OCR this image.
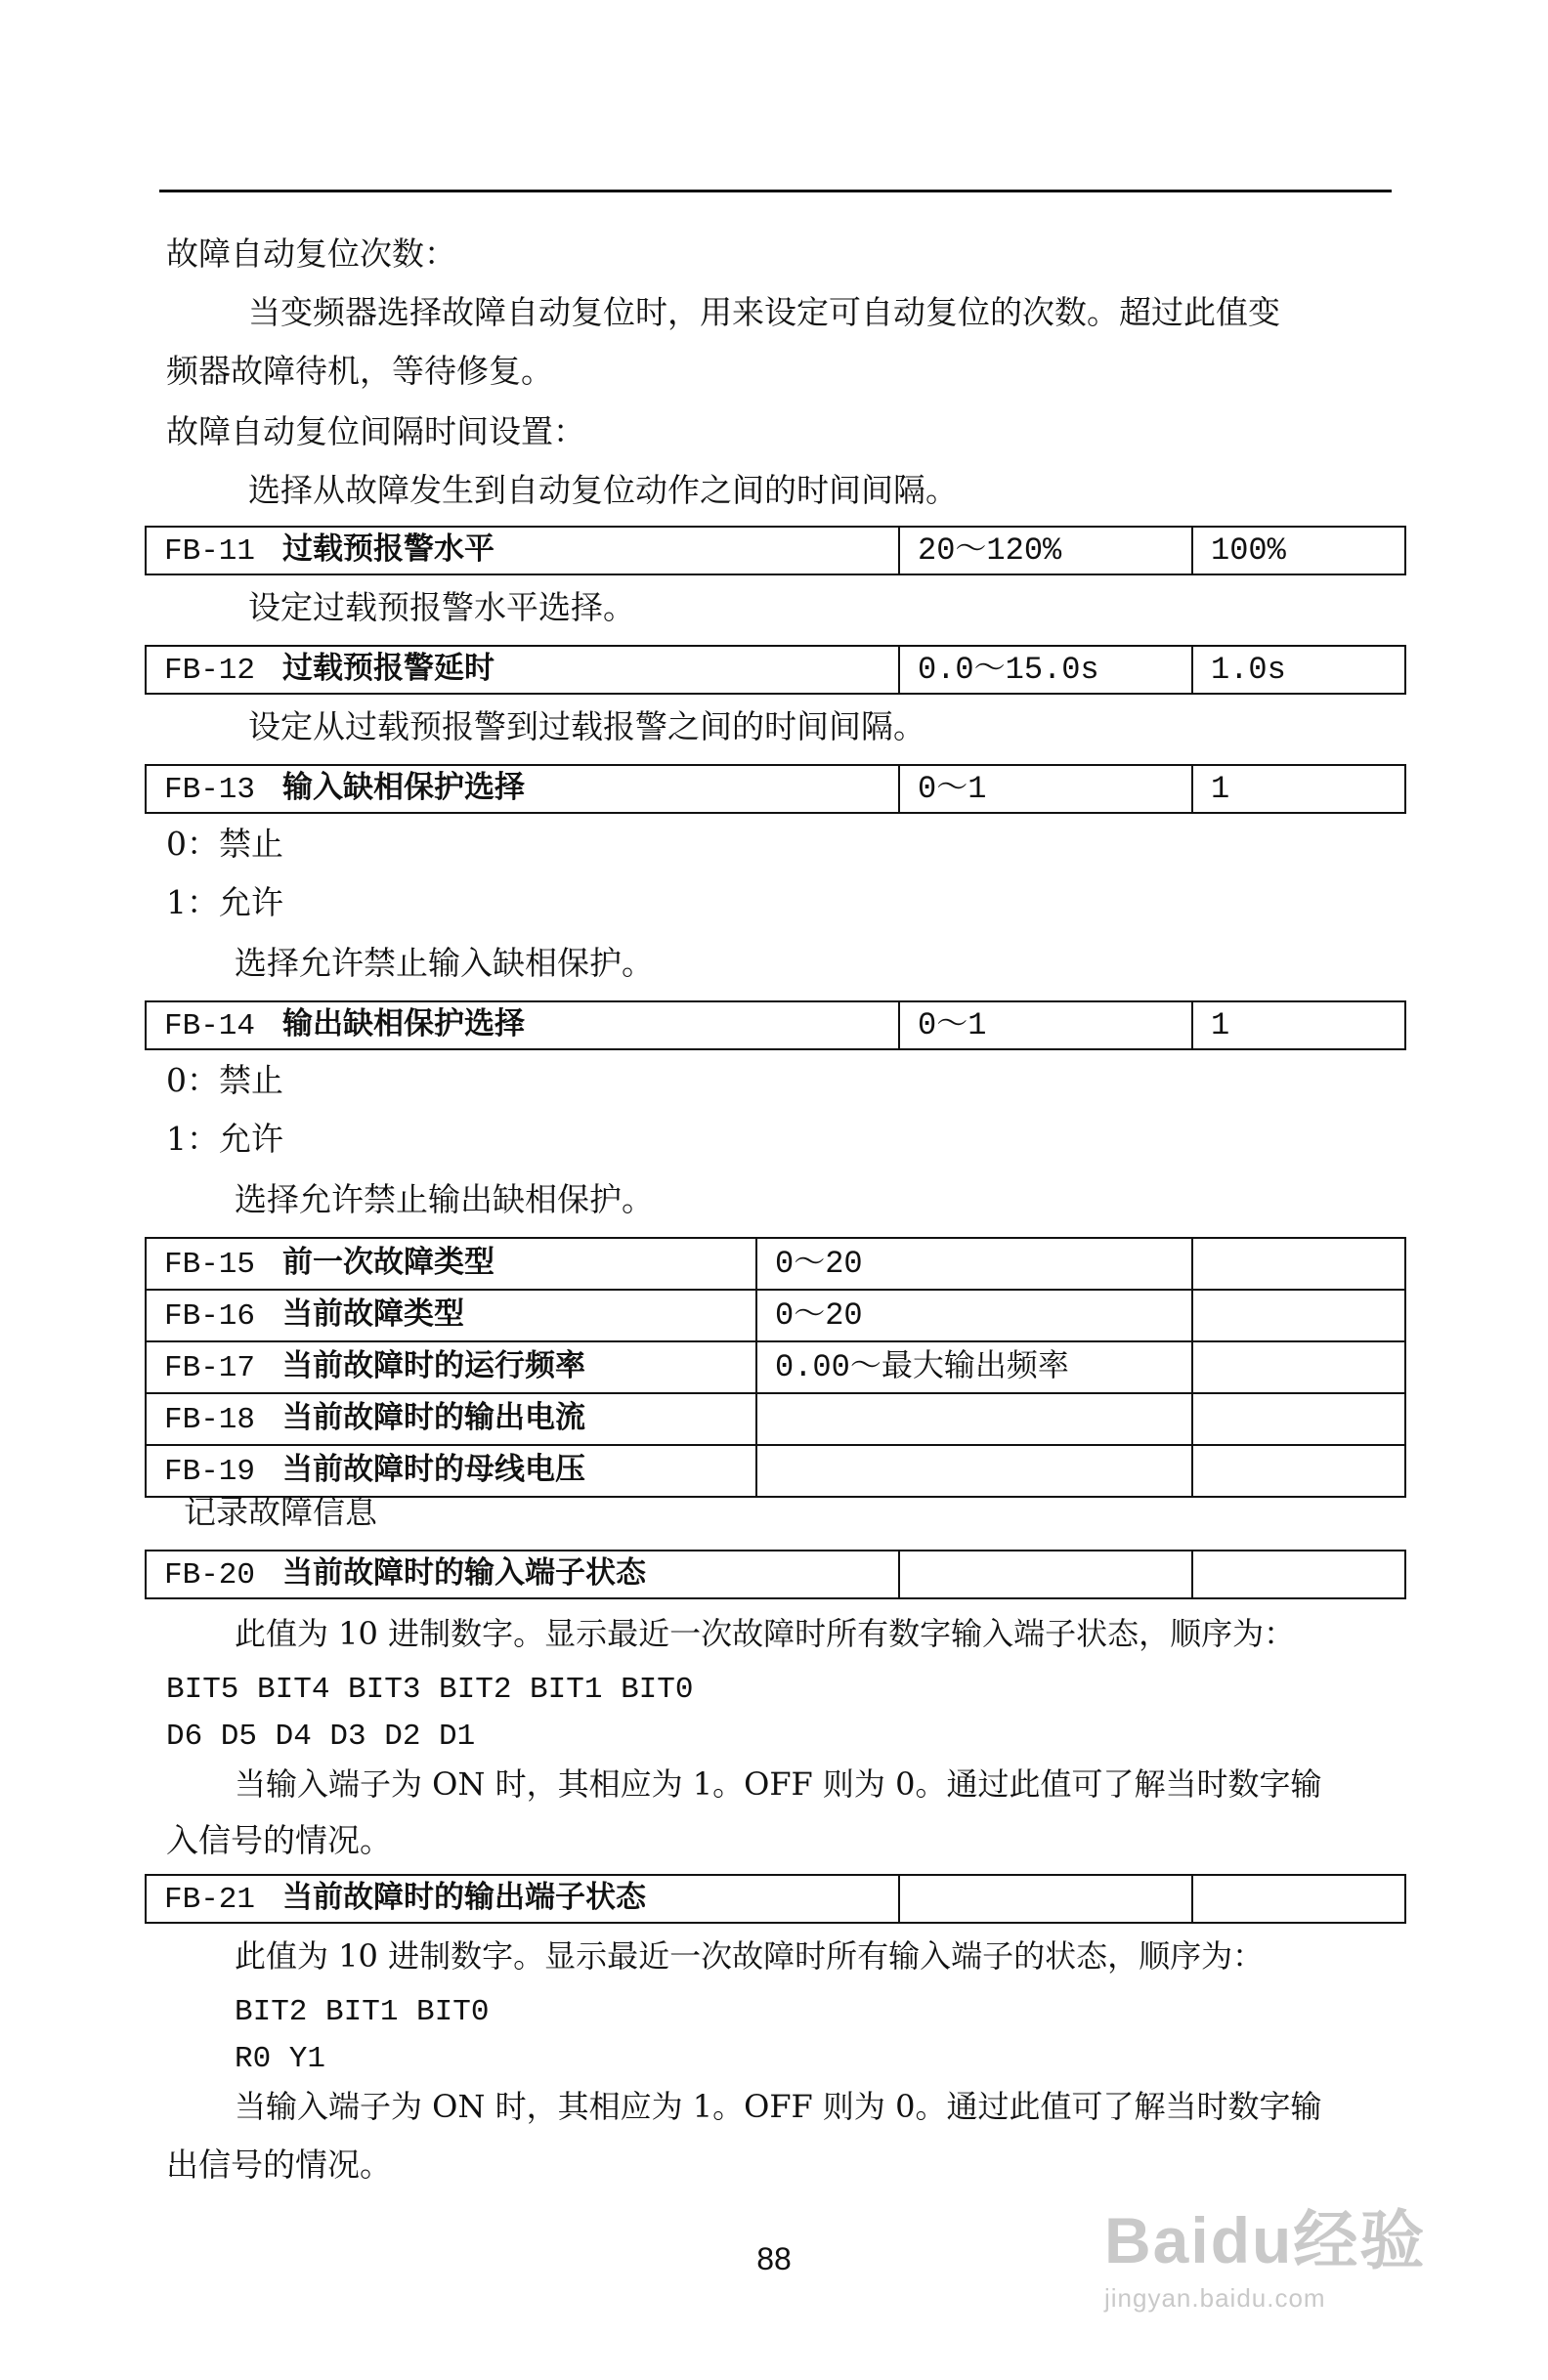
故障自动复位次数：
当变频器选择故障自动复位时，用来设定可自动复位的次数。超过此值变
频器故障待机，等待修复。
故障自动复位间隔时间设置：
选择从故障发生到自动复位动作之间的时间间隔。
FB-11 过载预报警水平	20～120%	100%
设定过载预报警水平选择。
FB-12 过载预报警延时	0.0～15.0s	1.0s
设定从过载预报警到过载报警之间的时间间隔。
FB-13 输入缺相保护选择	0～1	1
0：禁止
1：允许
选择允许禁止输入缺相保护。
FB-14 输出缺相保护选择	0～1	1
0：禁止
1：允许
选择允许禁止输出缺相保护。
FB-15 前一次故障类型	0～20	
FB-16 当前故障类型	0～20	
FB-17 当前故障时的运行频率	0.00～最大输出频率	
FB-18 当前故障时的输出电流		
FB-19 当前故障时的母线电压		
记录故障信息
FB-20 当前故障时的输入端子状态		
此值为 10 进制数字。显示最近一次故障时所有数字输入端子状态，顺序为：
BIT5 BIT4 BIT3 BIT2 BIT1 BIT0
D6 D5 D4 D3 D2 D1
当输入端子为 ON 时，其相应为 1。OFF 则为 0。通过此值可了解当时数字输
入信号的情况。
FB-21 当前故障时的输出端子状态		
此值为 10 进制数字。显示最近一次故障时所有输入端子的状态，顺序为：
BIT2 BIT1 BIT0
R0 Y1
当输入端子为 ON 时，其相应为 1。OFF 则为 0。通过此值可了解当时数字输
出信号的情况。
88	Baidu经验
jingyan.baidu.com
